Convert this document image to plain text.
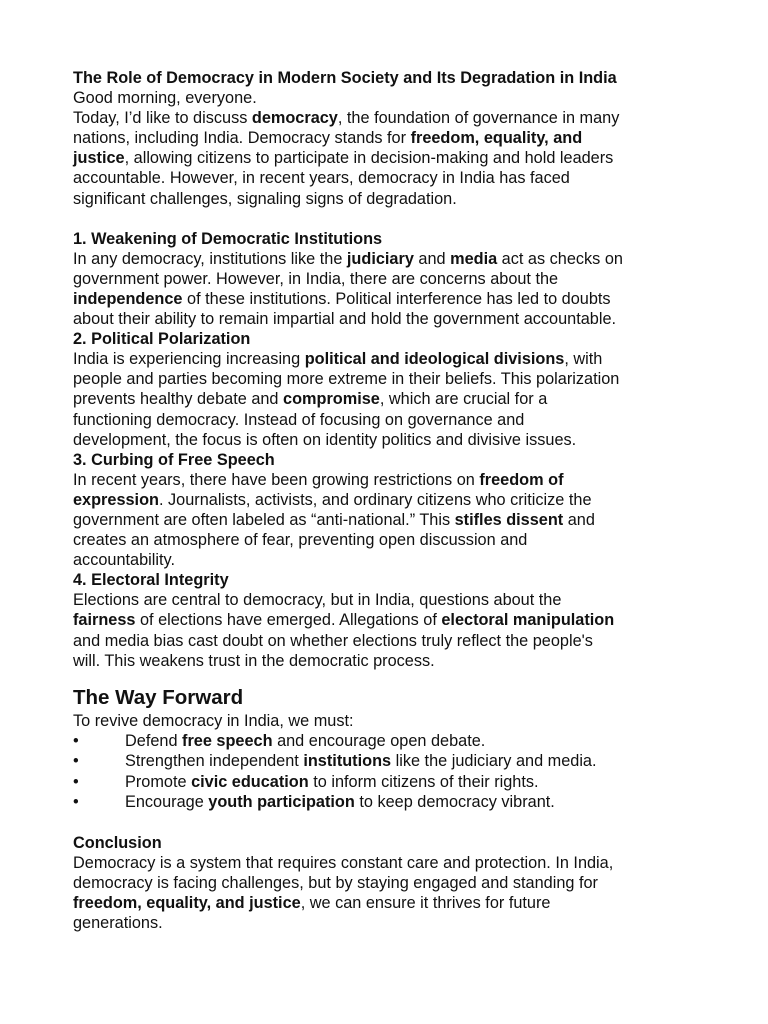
The Role of Democracy in Modern Society and Its Degradation in India
Good morning, everyone.
Today, I’d like to discuss democracy, the foundation of governance in many
nations, including India. Democracy stands for freedom, equality, and
justice, allowing citizens to participate in decision-making and hold leaders
accountable. However, in recent years, democracy in India has faced
significant challenges, signaling signs of degradation.
1. Weakening of Democratic Institutions
In any democracy, institutions like the judiciary and media act as checks on
government power. However, in India, there are concerns about the
independence of these institutions. Political interference has led to doubts
about their ability to remain impartial and hold the government accountable.
2. Political Polarization
India is experiencing increasing political and ideological divisions, with
people and parties becoming more extreme in their beliefs. This polarization
prevents healthy debate and compromise, which are crucial for a
functioning democracy. Instead of focusing on governance and
development, the focus is often on identity politics and divisive issues.
3. Curbing of Free Speech
In recent years, there have been growing restrictions on freedom of
expression. Journalists, activists, and ordinary citizens who criticize the
government are often labeled as “anti-national.” This stifles dissent and
creates an atmosphere of fear, preventing open discussion and
accountability.
4. Electoral Integrity
Elections are central to democracy, but in India, questions about the
fairness of elections have emerged. Allegations of electoral manipulation
and media bias cast doubt on whether elections truly reflect the people's
will. This weakens trust in the democratic process.
The Way Forward
To revive democracy in India, we must:
•	Defend free speech and encourage open debate.
•	Strengthen independent institutions like the judiciary and media.
•	Promote civic education to inform citizens of their rights.
•	Encourage youth participation to keep democracy vibrant.
Conclusion
Democracy is a system that requires constant care and protection. In India,
democracy is facing challenges, but by staying engaged and standing for
freedom, equality, and justice, we can ensure it thrives for future
generations.
